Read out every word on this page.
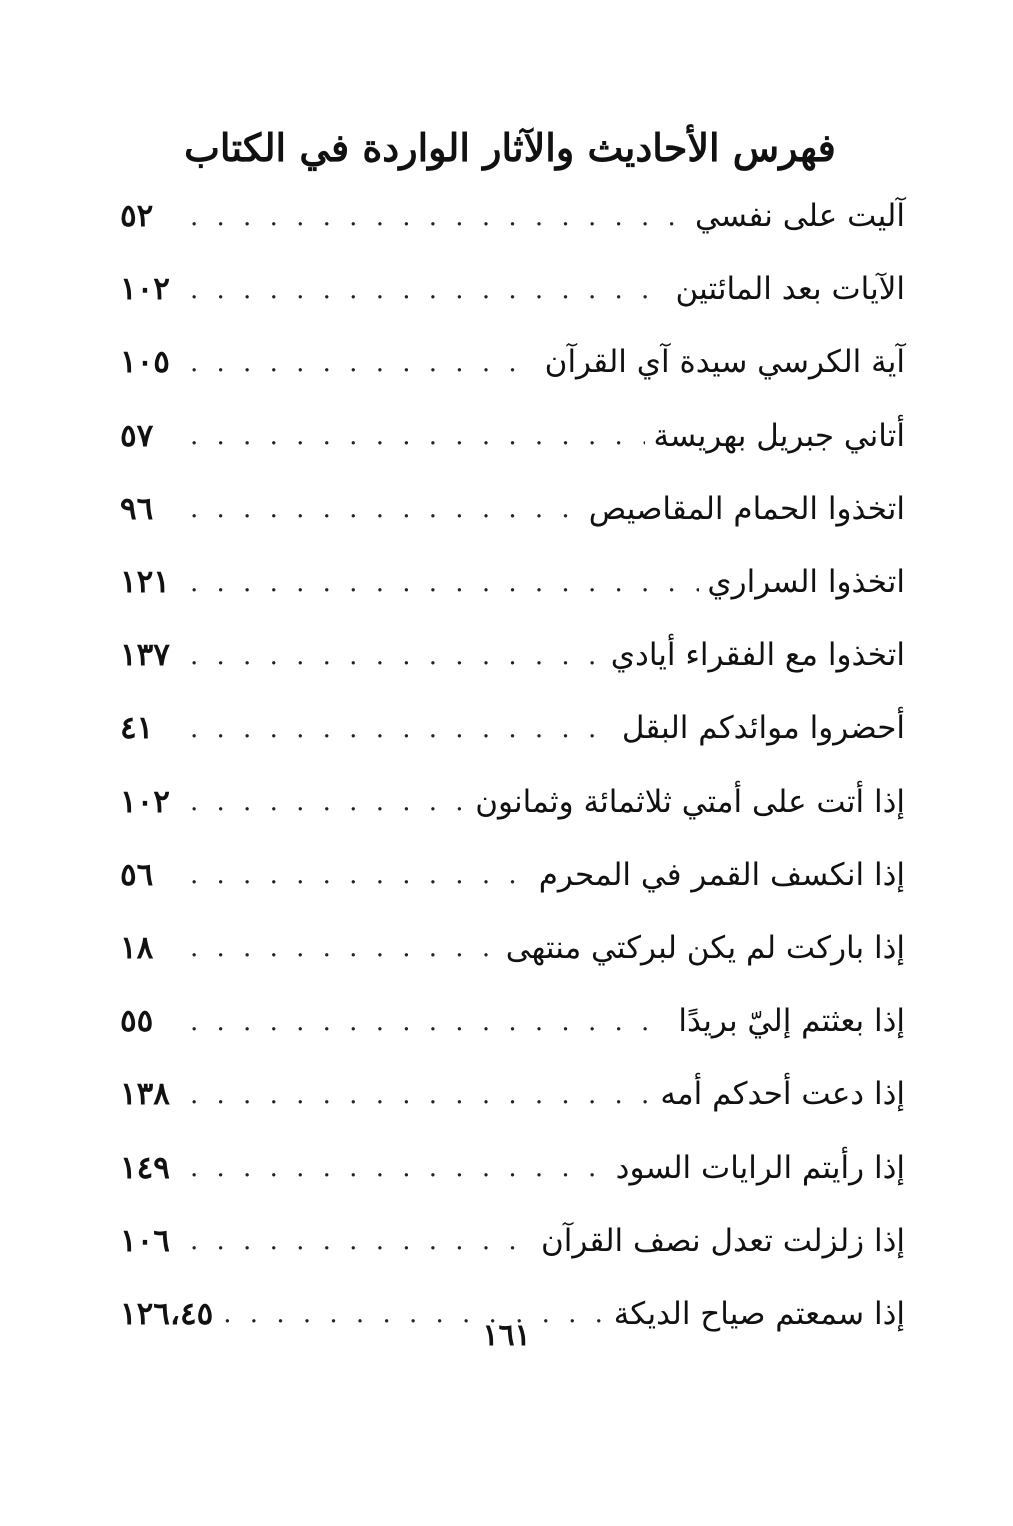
فهرس الأحاديث والآثار الواردة في الكتاب
آليت على نفسي
. . .
٥٢
الآيات بعد المائتين
. . .
١٠٢
آية الكرسي سيدة آي القرآن
. . .
١٠٥
أتاني جبريل بهريسة
. . .
٥٧
اتخذوا الحمام المقاصيص
. . .
٩٦
اتخذوا السراري
. . .
١٢١
اتخذوا مع الفقراء أيادي
. . .
١٣٧
أحضروا موائدكم البقل
. . .
٤١
إذا أتت على أمتي ثلاثمائة وثمانون
. . .
١٠٢
إذا انكسف القمر في المحرم
. . .
٥٦
إذا باركت لم يكن لبركتي منتهى
. . .
١٨
إذا بعثتم إليّ بريدًا
. . .
٥٥
إذا دعت أحدكم أمه
. . .
١٣٨
إذا رأيتم الرايات السود
. . .
١٤٩
إذا زلزلت تعدل نصف القرآن
. . .
١٠٦
إذا سمعتم صياح الديكة
. . .
١٢٦،٤٥
١٦١
